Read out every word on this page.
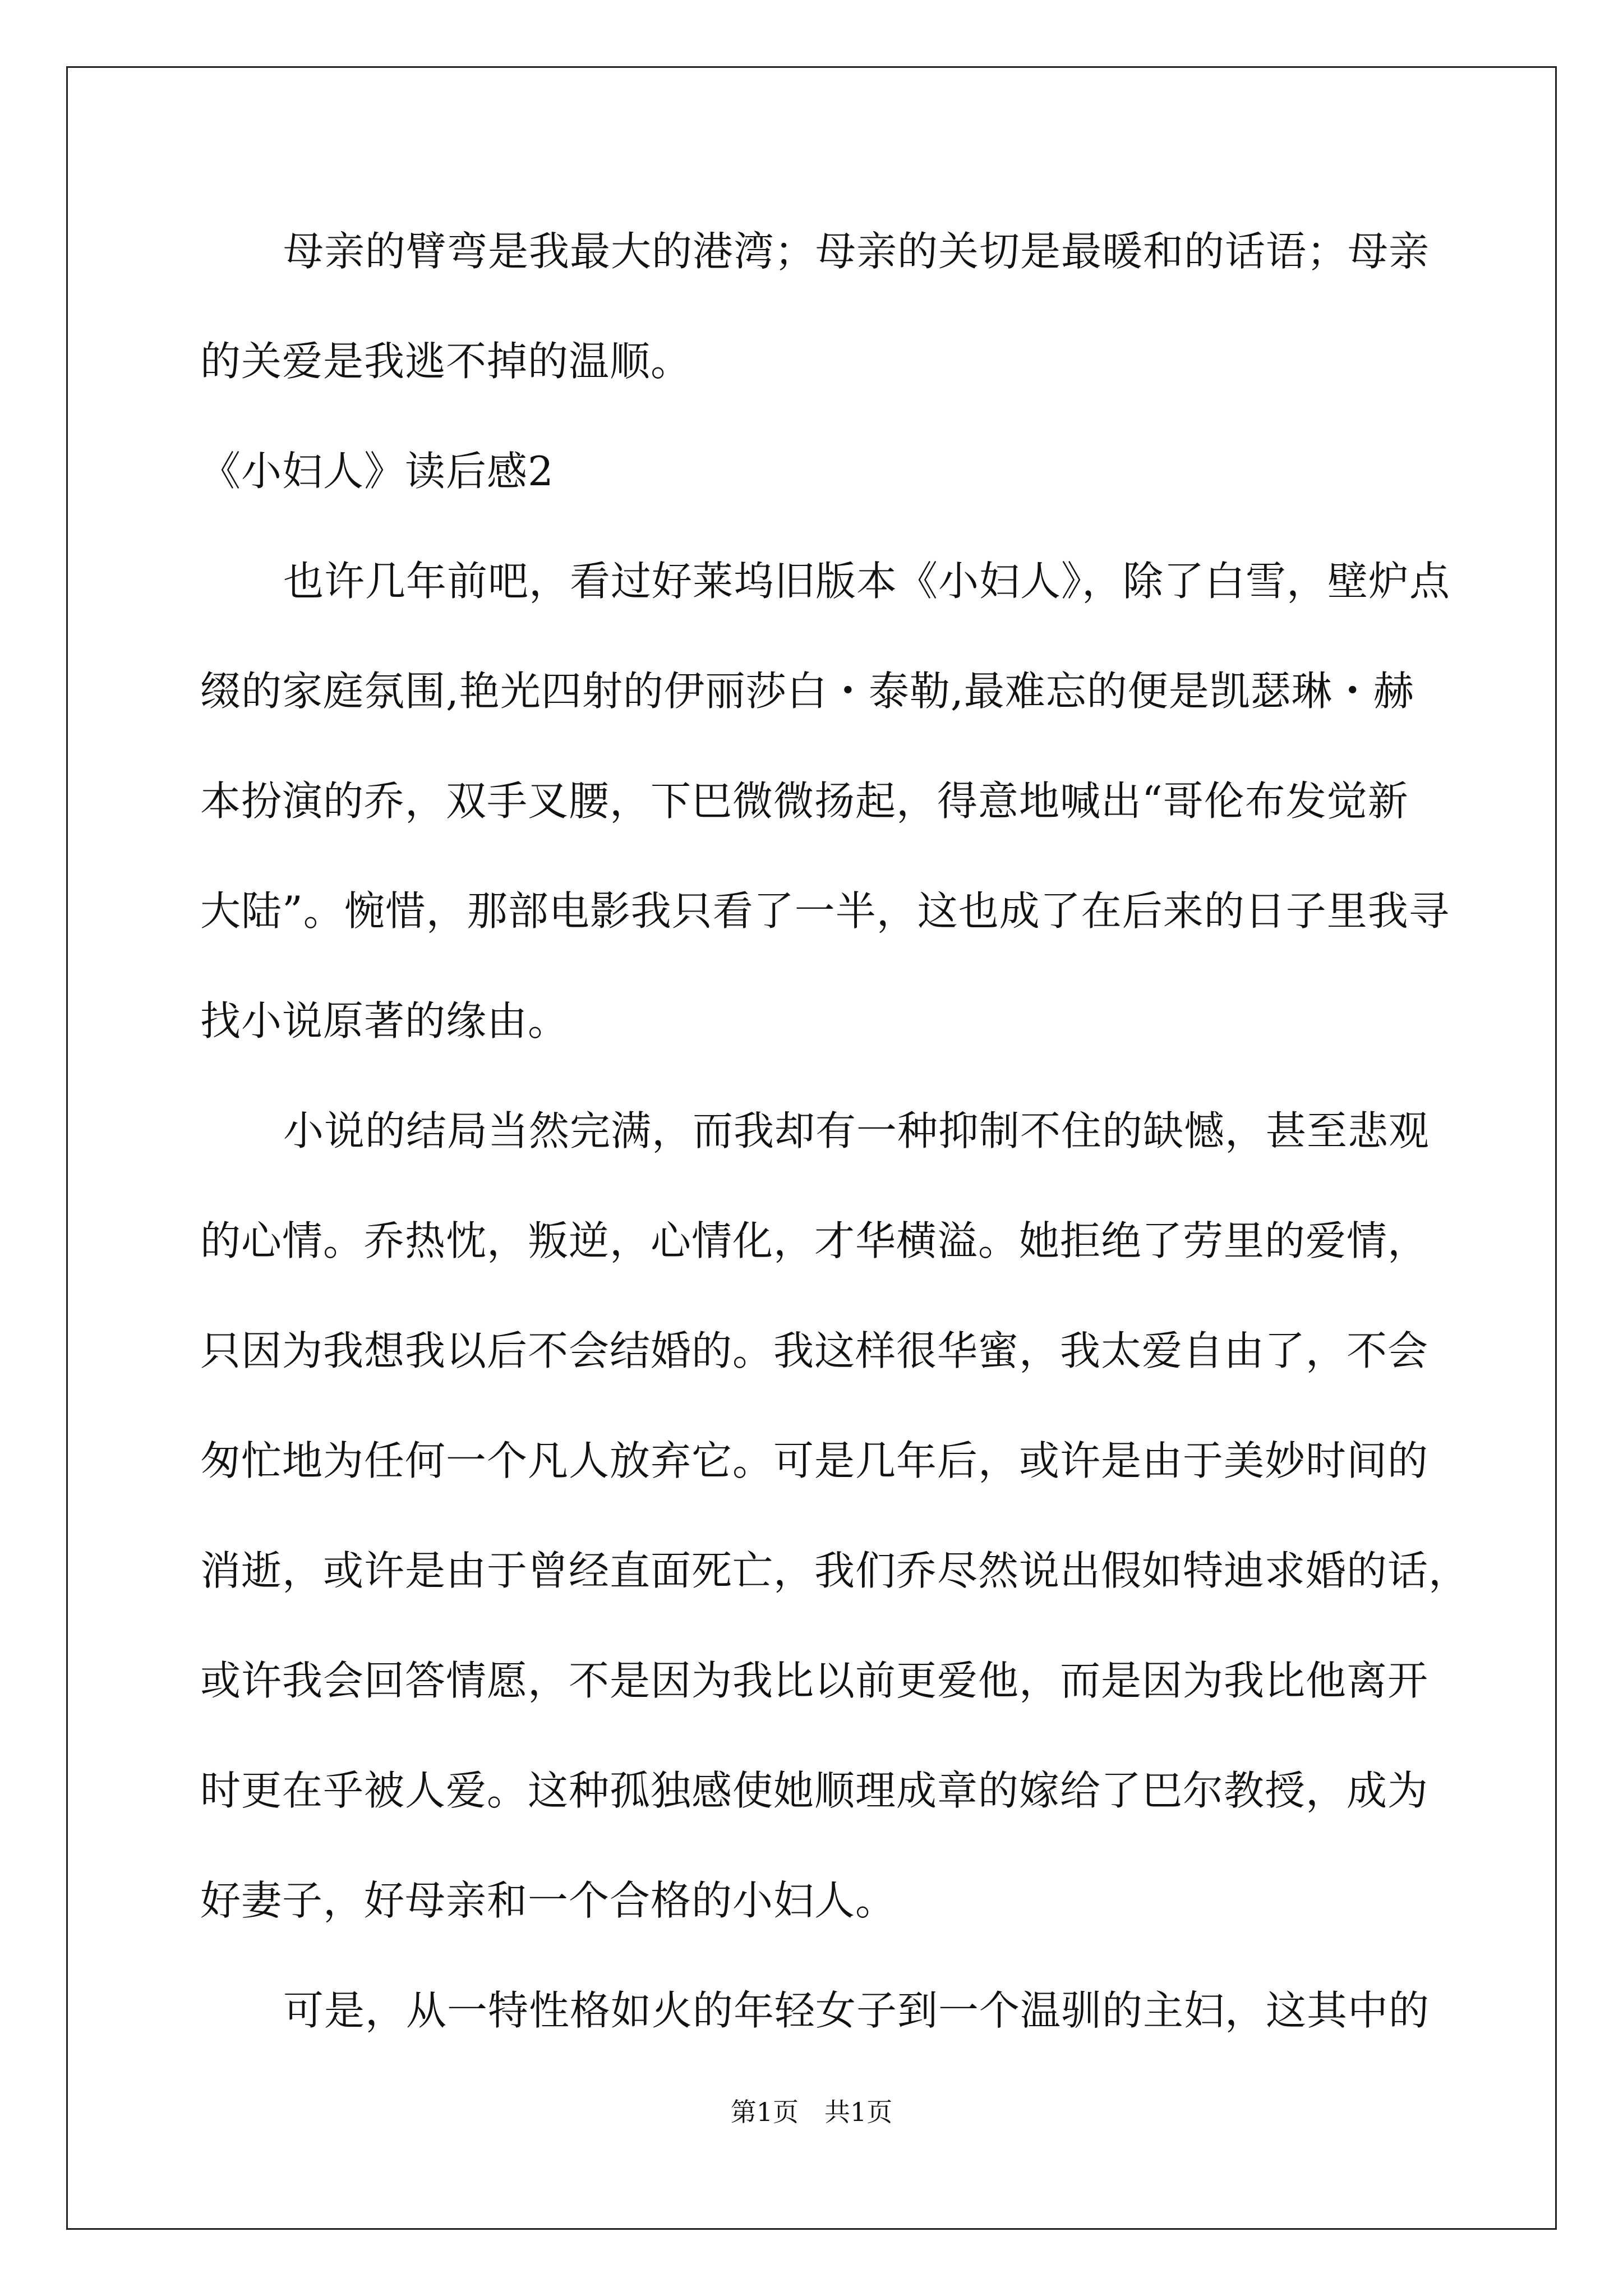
母亲的臂弯是我最大的港湾；母亲的关切是最暖和的话语；母亲
的关爱是我逃不掉的温顺。
《小妇人》读后感2
也许几年前吧，看过好莱坞旧版本《小妇人》，除了白雪，壁炉点
缀的家庭氛围,艳光四射的伊丽莎白・泰勒,最难忘的便是凯瑟琳・赫
本扮演的乔，双手叉腰，下巴微微扬起，得意地喊出“哥伦布发觉新
大陆”。惋惜，那部电影我只看了一半，这也成了在后来的日子里我寻
找小说原著的缘由。
小说的结局当然完满，而我却有一种抑制不住的缺憾，甚至悲观
的心情。乔热忱，叛逆，心情化，才华横溢。她拒绝了劳里的爱情，
只因为我想我以后不会结婚的。我这样很华蜜，我太爱自由了，不会
匆忙地为任何一个凡人放弃它。可是几年后，或许是由于美妙时间的
消逝，或许是由于曾经直面死亡，我们乔尽然说出假如特迪求婚的话，
或许我会回答情愿，不是因为我比以前更爱他，而是因为我比他离开
时更在乎被人爱。这种孤独感使她顺理成章的嫁给了巴尔教授，成为
好妻子，好母亲和一个合格的小妇人。
可是，从一特性格如火的年轻女子到一个温驯的主妇，这其中的
第1页　共1页
